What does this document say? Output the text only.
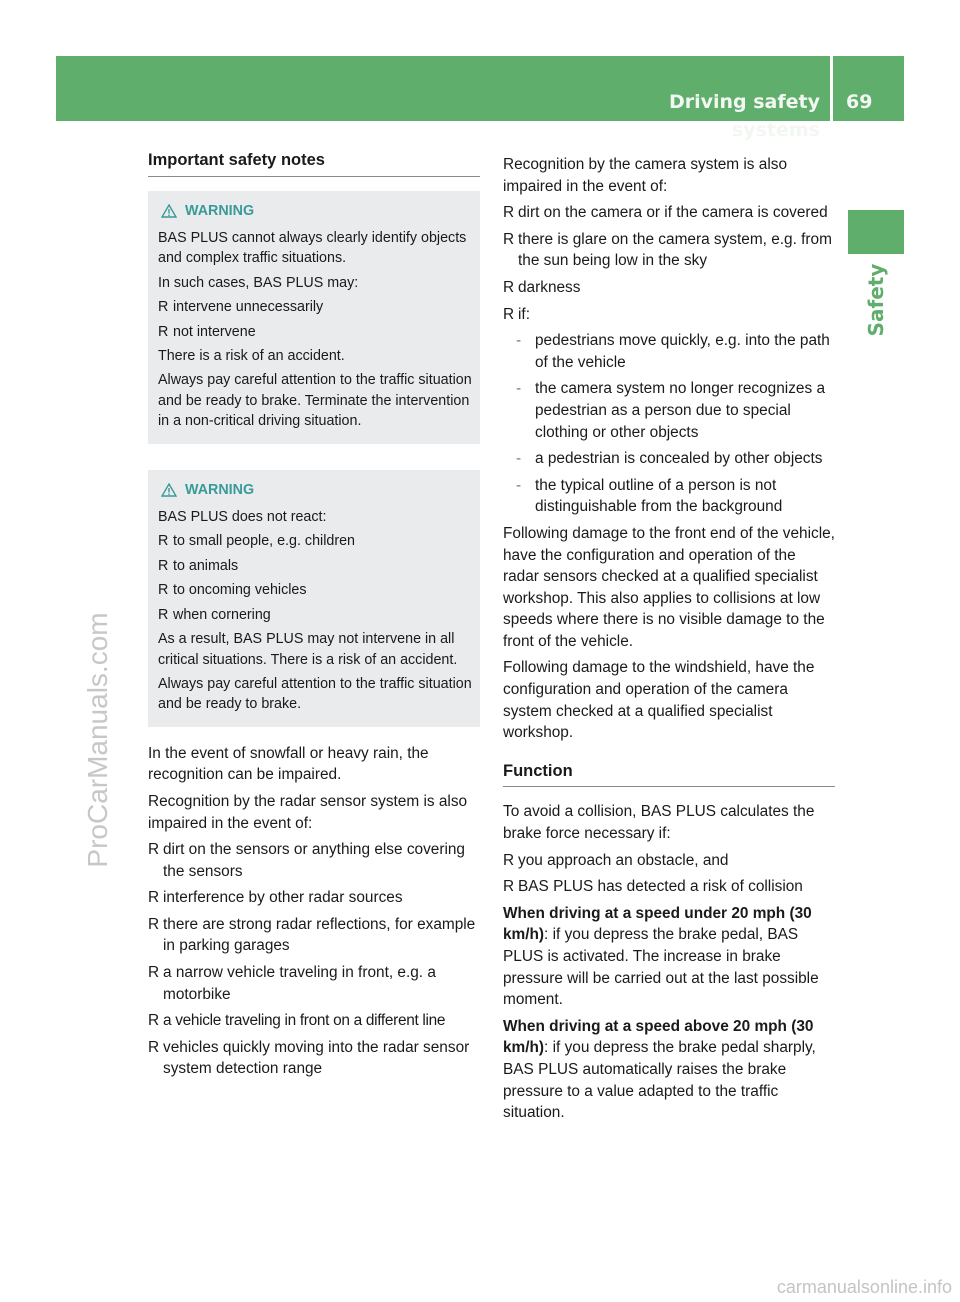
Driving safety systems
69
Safety
ProCarManuals.com
carmanualsonline.info
Important safety notes
WARNING

BAS PLUS cannot always clearly identify objects and complex traffic situations.

In such cases, BAS PLUS may:

R intervene unnecessarily
R not intervene

There is a risk of an accident.

Always pay careful attention to the traffic situation and be ready to brake. Terminate the intervention in a non-critical driving situation.

WARNING

BAS PLUS does not react:

R to small people, e.g. children
R to animals
R to oncoming vehicles
R when cornering

As a result, BAS PLUS may not intervene in all critical situations. There is a risk of an accident.

Always pay careful attention to the traffic situation and be ready to brake.

In the event of snowfall or heavy rain, the recognition can be impaired.

Recognition by the radar sensor system is also impaired in the event of:

R dirt on the sensors or anything else covering the sensors
R interference by other radar sources
R there are strong radar reflections, for example in parking garages
R a narrow vehicle traveling in front, e.g. a motorbike
R a vehicle traveling in front on a different line
R vehicles quickly moving into the radar sensor system detection range

Recognition by the camera system is also impaired in the event of:

R dirt on the camera or if the camera is covered
R there is glare on the camera system, e.g. from the sun being low in the sky
R darkness
R if:
- pedestrians move quickly, e.g. into the path of the vehicle
- the camera system no longer recognizes a pedestrian as a person due to special clothing or other objects
- a pedestrian is concealed by other objects
- the typical outline of a person is not distinguishable from the background

Following damage to the front end of the vehicle, have the configuration and operation of the radar sensors checked at a qualified specialist workshop. This also applies to collisions at low speeds where there is no visible damage to the front of the vehicle.

Following damage to the windshield, have the configuration and operation of the camera system checked at a qualified specialist workshop.

Function

To avoid a collision, BAS PLUS calculates the brake force necessary if:

R you approach an obstacle, and
R BAS PLUS has detected a risk of collision

When driving at a speed under 20 mph (30 km/h): if you depress the brake pedal, BAS PLUS is activated. The increase in brake pressure will be carried out at the last possible moment.

When driving at a speed above 20 mph (30 km/h): if you depress the brake pedal sharply, BAS PLUS automatically raises the brake pressure to a value adapted to the traffic situation.
